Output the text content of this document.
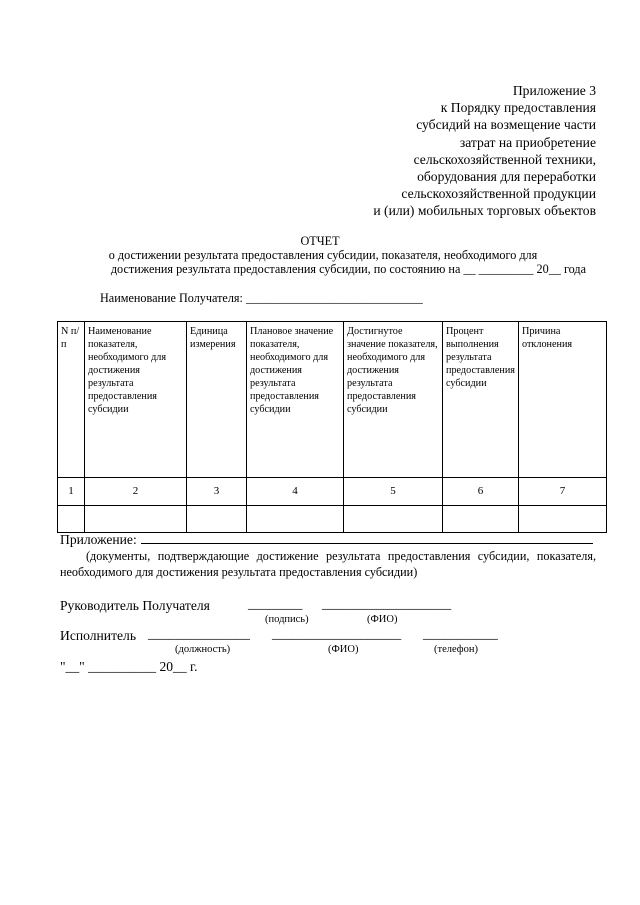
Приложение 3
к Порядку предоставления
субсидий на возмещение части
затрат на приобретение
сельскохозяйственной техники,
оборудования для переработки
сельскохозяйственной продукции
и (или) мобильных торговых объектов
ОТЧЕТ
о достижении результата предоставления субсидии, показателя, необходимого для
достижения результата предоставления субсидии, по состоянию на __ _________ 20__ года
Наименование Получателя: _____________________________
N п/п	Наименование показателя, необходимого для достижения результата предоставления субсидии	Единица измерения	Плановое значение показателя, необходимого для достижения результата предоставления субсидии	Достигнутое значение показателя, необходимого для достижения результата предоставления субсидии	Процент выполнения результата предоставления субсидии	Причина отклонения

1	2	3	4	5	6	7

Приложение:
(документы, подтверждающие достижение результата предоставления субсидии, показателя, необходимого для достижения результата предоставления субсидии)
Руководитель Получателя	________ ___________________
(подпись)	(ФИО)
Исполнитель _______________ ___________________ ___________
(должность)	(ФИО)	(телефон)
"__" __________ 20__ г.
